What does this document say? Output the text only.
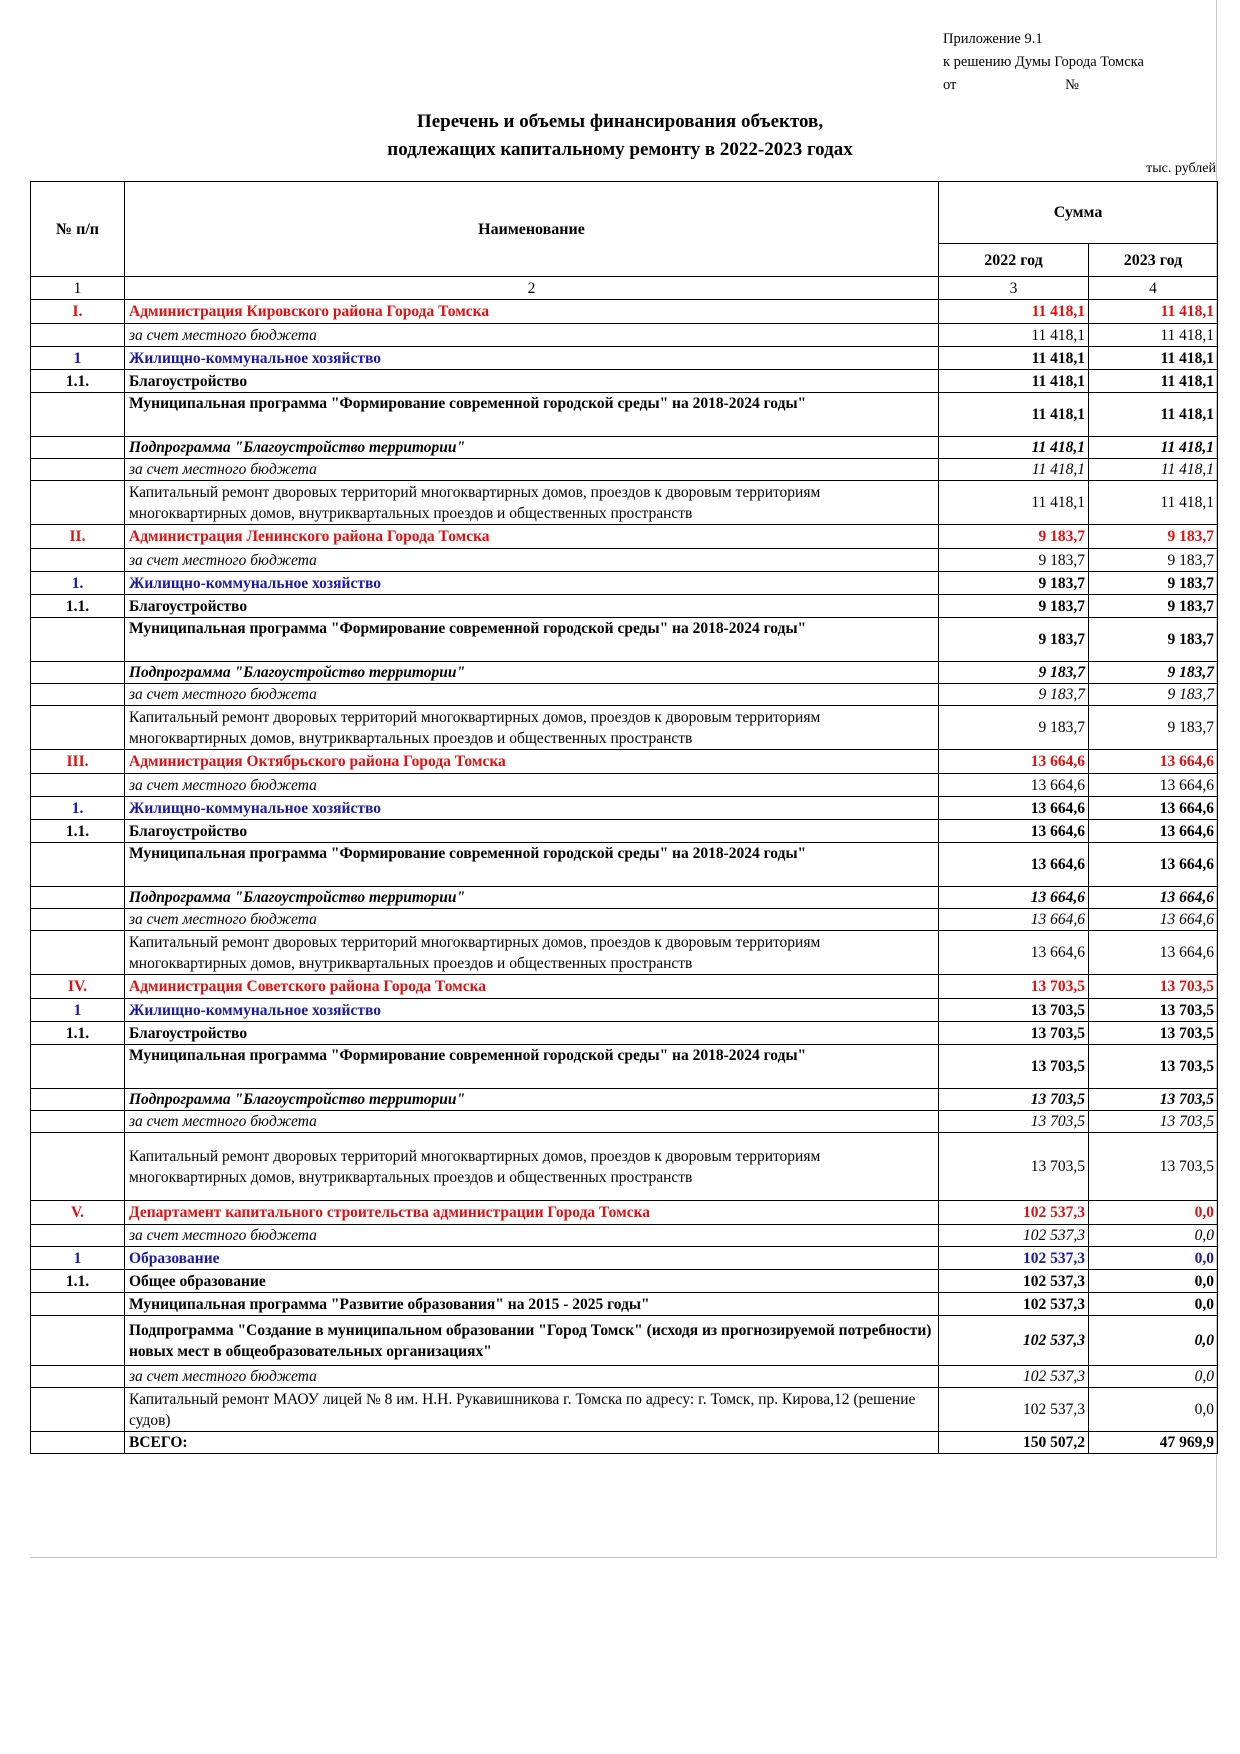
Приложение 9.1
к решению Думы Города Томска
от                              №
Перечень и объемы финансирования объектов,
подлежащих капитальному ремонту в 2022-2023 годах
тыс. рублей
№ п/п	Наименование	Сумма	
		2022 год	2023 год
1	2	3	4
I.	Администрация Кировского района Города Томска	11 418,1	11 418,1
	за счет местного бюджета	11 418,1	11 418,1
1	Жилищно-коммунальное хозяйство	11 418,1	11 418,1
1.1.	Благоустройство	11 418,1	11 418,1
	Муниципальная программа "Формирование современной городской среды" на 2018-2024 годы"	11 418,1	11 418,1
	Подпрограмма "Благоустройство территории"	11 418,1	11 418,1
	за счет местного бюджета	11 418,1	11 418,1
	Капитальный ремонт дворовых территорий многоквартирных домов, проездов к дворовым территориям многоквартирных домов, внутриквартальных проездов и общественных пространств	11 418,1	11 418,1
II.	Администрация Ленинского района Города Томска	9 183,7	9 183,7
	за счет местного бюджета	9 183,7	9 183,7
1.	Жилищно-коммунальное хозяйство	9 183,7	9 183,7
1.1.	Благоустройство	9 183,7	9 183,7
	Муниципальная программа "Формирование современной городской среды" на 2018-2024 годы"	9 183,7	9 183,7
	Подпрограмма "Благоустройство территории"	9 183,7	9 183,7
	за счет местного бюджета	9 183,7	9 183,7
	Капитальный ремонт дворовых территорий многоквартирных домов, проездов к дворовым территориям многоквартирных домов, внутриквартальных проездов и общественных пространств	9 183,7	9 183,7
III.	Администрация Октябрьского района Города Томска	13 664,6	13 664,6
	за счет местного бюджета	13 664,6	13 664,6
1.	Жилищно-коммунальное хозяйство	13 664,6	13 664,6
1.1.	Благоустройство	13 664,6	13 664,6
	Муниципальная программа "Формирование современной городской среды" на 2018-2024 годы"	13 664,6	13 664,6
	Подпрограмма "Благоустройство территории"	13 664,6	13 664,6
	за счет местного бюджета	13 664,6	13 664,6
	Капитальный ремонт дворовых территорий многоквартирных домов, проездов к дворовым территориям многоквартирных домов, внутриквартальных проездов и общественных пространств	13 664,6	13 664,6
IV.	Администрация Советского района Города Томска	13 703,5	13 703,5
1	Жилищно-коммунальное хозяйство	13 703,5	13 703,5
1.1.	Благоустройство	13 703,5	13 703,5
	Муниципальная программа "Формирование современной городской среды" на 2018-2024 годы"	13 703,5	13 703,5
	Подпрограмма "Благоустройство территории"	13 703,5	13 703,5
	за счет местного бюджета	13 703,5	13 703,5
	Капитальный ремонт дворовых территорий многоквартирных домов, проездов к дворовым территориям многоквартирных домов, внутриквартальных проездов и общественных пространств	13 703,5	13 703,5
V.	Департамент капитального строительства администрации Города Томска	102 537,3	0,0
	за счет местного бюджета	102 537,3	0,0
1	Образование	102 537,3	0,0
1.1.	Общее образование	102 537,3	0,0
	Муниципальная программа "Развитие образования" на 2015 - 2025 годы"	102 537,3	0,0
	Подпрограмма "Создание в муниципальном образовании "Город Томск" (исходя из прогнозируемой потребности) новых мест в общеобразовательных организациях"	102 537,3	0,0
	за счет местного бюджета	102 537,3	0,0
	Капитальный ремонт МАОУ лицей № 8 им. Н.Н. Рукавишникова г. Томска по адресу: г. Томск, пр. Кирова,12 (решение судов)	102 537,3	0,0
	ВСЕГО:	150 507,2	47 969,9
